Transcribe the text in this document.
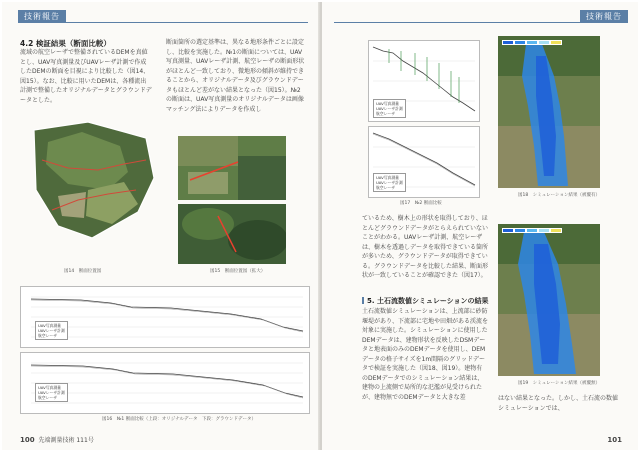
技術報告
4.2 検証結果（断面比較）
流域の航空レーザで整備されているDEMを真値とし、UAV写真測量及びUAVレーザ計測で作成したDEMの断面を目視により比較した（図14、図15）。なお、比較に用いたDEMは、各種流出計測で整備したオリジナルデータとグラウンドデータとした。
断面箇所の選定基準は、異なる地形条件ごとに設定し、比較を実施した。№1の断面については、UAV写真測量、UAVレーザ計測、航空レーザの断面形状がほとんど一致しており、微地形の傾斜が維持できることから、オリジナルデータ及びグラウンドデータもほとんど差がない結果となった（図15）。№2の断面は、UAV写真測量のオリジナルデータは画像マッチング法によりデータを作成し
図14　断面位置図	図15　断面位置図（拡大）
UAV写真測量
UAVレーザ計測
航空レーザ
UAV写真測量
UAVレーザ計測
航空レーザ
図16　№1 断面比較（上段：オリジナルデータ　下段：グラウンドデータ）
100 先端測量技術 111号
技術報告
UAV写真測量
UAVレーザ計測
航空レーザ
UAV写真測量
UAVレーザ計測
航空レーザ
図17　№2 断面比較
ているため、樹木上の形状を取得しており、ほとんどグラウンドデータがとらえられていないことがわかる。UAVレーザ計測、航空レーザは、樹木を透過しデータを取得できている箇所が多いため、グラウンドデータが取得できている。グラウンドデータを比較した結果、断面形状が一致していることが確認できた（図17）。
5. 土石流数値シミュレーションの結果
土石流数値シミュレーションは、上流部に砂防堰堤があり、下流部に宅地や田畑がある渓流を対象に実施した。シミュレーションに使用したDEMデータは、建物形状を反映したDSMデータと地表面のみのDEMデータを使用し、DEMデータの格子サイズを1m間隔のグリッドデータで検証を実施した（図18、図19）。建物有のDEMデータでのシミュレーション結果は、建物の上流側で局所的な氾濫が見受けられたが、建物無でのDEMデータと大きな差
図18　シミュレーション結果（被覆有）
図19　シミュレーション結果（被覆無）
はない結果となった。しかし、土石流の数値シミュレーションでは、
101
